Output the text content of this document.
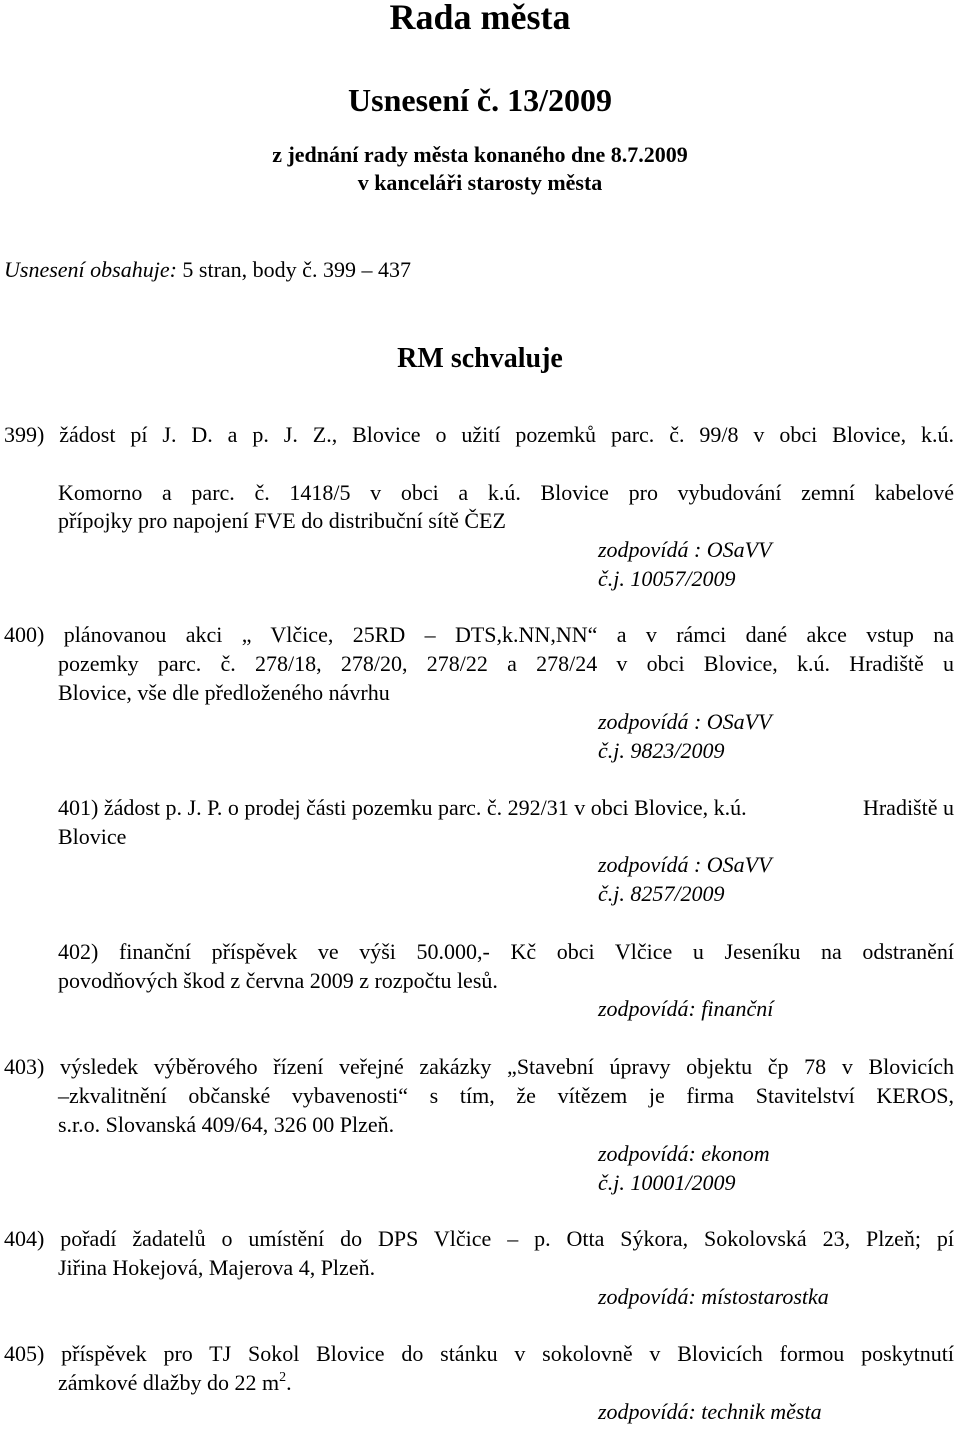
Rada města
Usnesení č. 13/2009
z jednání rady města konaného dne 8.7.2009
v kanceláři starosty města
Usnesení obsahuje: 5 stran, body č. 399 – 437
RM schvaluje
399) žádost pí J. D. a p. J. Z., Blovice o užití pozemků parc. č. 99/8 v obci Blovice, k.ú.
Komorno a parc. č. 1418/5 v obci a k.ú. Blovice pro vybudování zemní kabelové
přípojky pro napojení FVE do distribuční sítě ČEZ
zodpovídá : OSaVV
č.j. 10057/2009
400) plánovanou akci „ Vlčice, 25RD – DTS,k.NN,NN“ a v rámci dané akce vstup na
pozemky parc. č. 278/18, 278/20, 278/22 a 278/24 v obci Blovice, k.ú. Hradiště u
Blovice, vše dle předloženého návrhu
zodpovídá : OSaVV
č.j. 9823/2009
401) žádost p. J. P. o prodej části pozemku parc. č. 292/31 v obci Blovice, k.ú.	Hradiště u
Blovice
zodpovídá : OSaVV
č.j. 8257/2009
402) finanční příspěvek ve výši 50.000,- Kč obci Vlčice u Jeseníku na odstranění
povodňových škod z června 2009 z rozpočtu lesů.
zodpovídá: finanční
403) výsledek výběrového řízení veřejné zakázky „Stavební úpravy objektu čp 78 v Blovicích
–zkvalitnění občanské vybavenosti“ s tím, že vítězem je firma Stavitelství KEROS,
s.r.o. Slovanská 409/64, 326 00 Plzeň.
zodpovídá: ekonom
č.j. 10001/2009
404) pořadí žadatelů o umístění do DPS Vlčice – p. Otta Sýkora, Sokolovská 23, Plzeň; pí
Jiřina Hokejová, Majerova 4, Plzeň.
zodpovídá: místostarostka
405) příspěvek pro TJ Sokol Blovice do stánku v sokolovně v Blovicích formou poskytnutí
zámkové dlažby do 22 $m^2$.
zodpovídá: technik města
